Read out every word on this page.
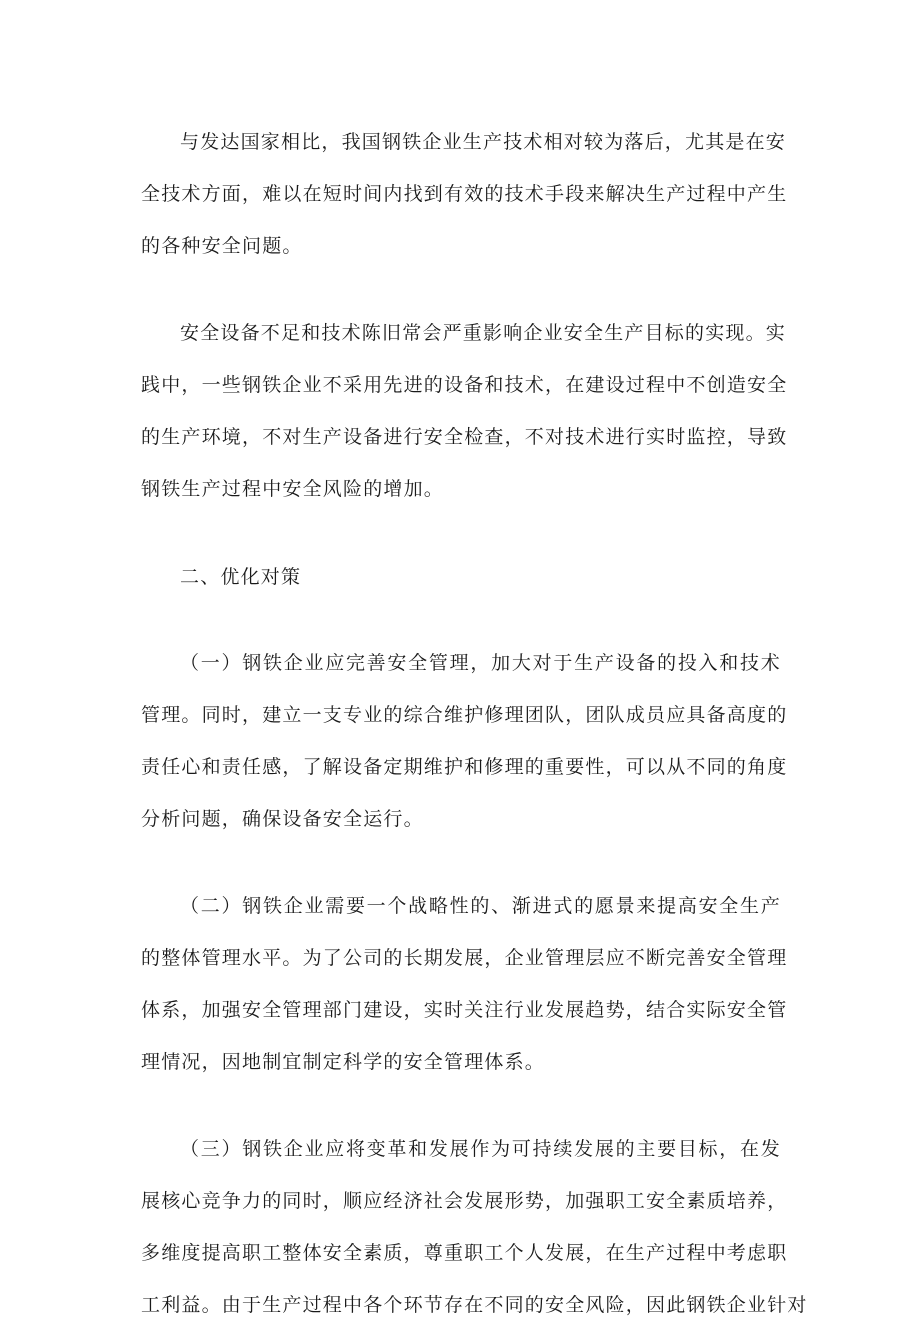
与发达国家相比，我国钢铁企业生产技术相对较为落后，尤其是在安
全技术方面，难以在短时间内找到有效的技术手段来解决生产过程中产生
的各种安全问题。
安全设备不足和技术陈旧常会严重影响企业安全生产目标的实现。实
践中，一些钢铁企业不采用先进的设备和技术，在建设过程中不创造安全
的生产环境，不对生产设备进行安全检查，不对技术进行实时监控，导致
钢铁生产过程中安全风险的增加。
二、优化对策
（一）钢铁企业应完善安全管理，加大对于生产设备的投入和技术
管理。同时，建立一支专业的综合维护修理团队，团队成员应具备高度的
责任心和责任感，了解设备定期维护和修理的重要性，可以从不同的角度
分析问题，确保设备安全运行。
（二）钢铁企业需要一个战略性的、渐进式的愿景来提高安全生产
的整体管理水平。为了公司的长期发展，企业管理层应不断完善安全管理
体系，加强安全管理部门建设，实时关注行业发展趋势，结合实际安全管
理情况，因地制宜制定科学的安全管理体系。
（三）钢铁企业应将变革和发展作为可持续发展的主要目标，在发
展核心竞争力的同时，顺应经济社会发展形势，加强职工安全素质培养，
多维度提高职工整体安全素质，尊重职工个人发展，在生产过程中考虑职
工利益。由于生产过程中各个环节存在不同的安全风险，因此钢铁企业针对
